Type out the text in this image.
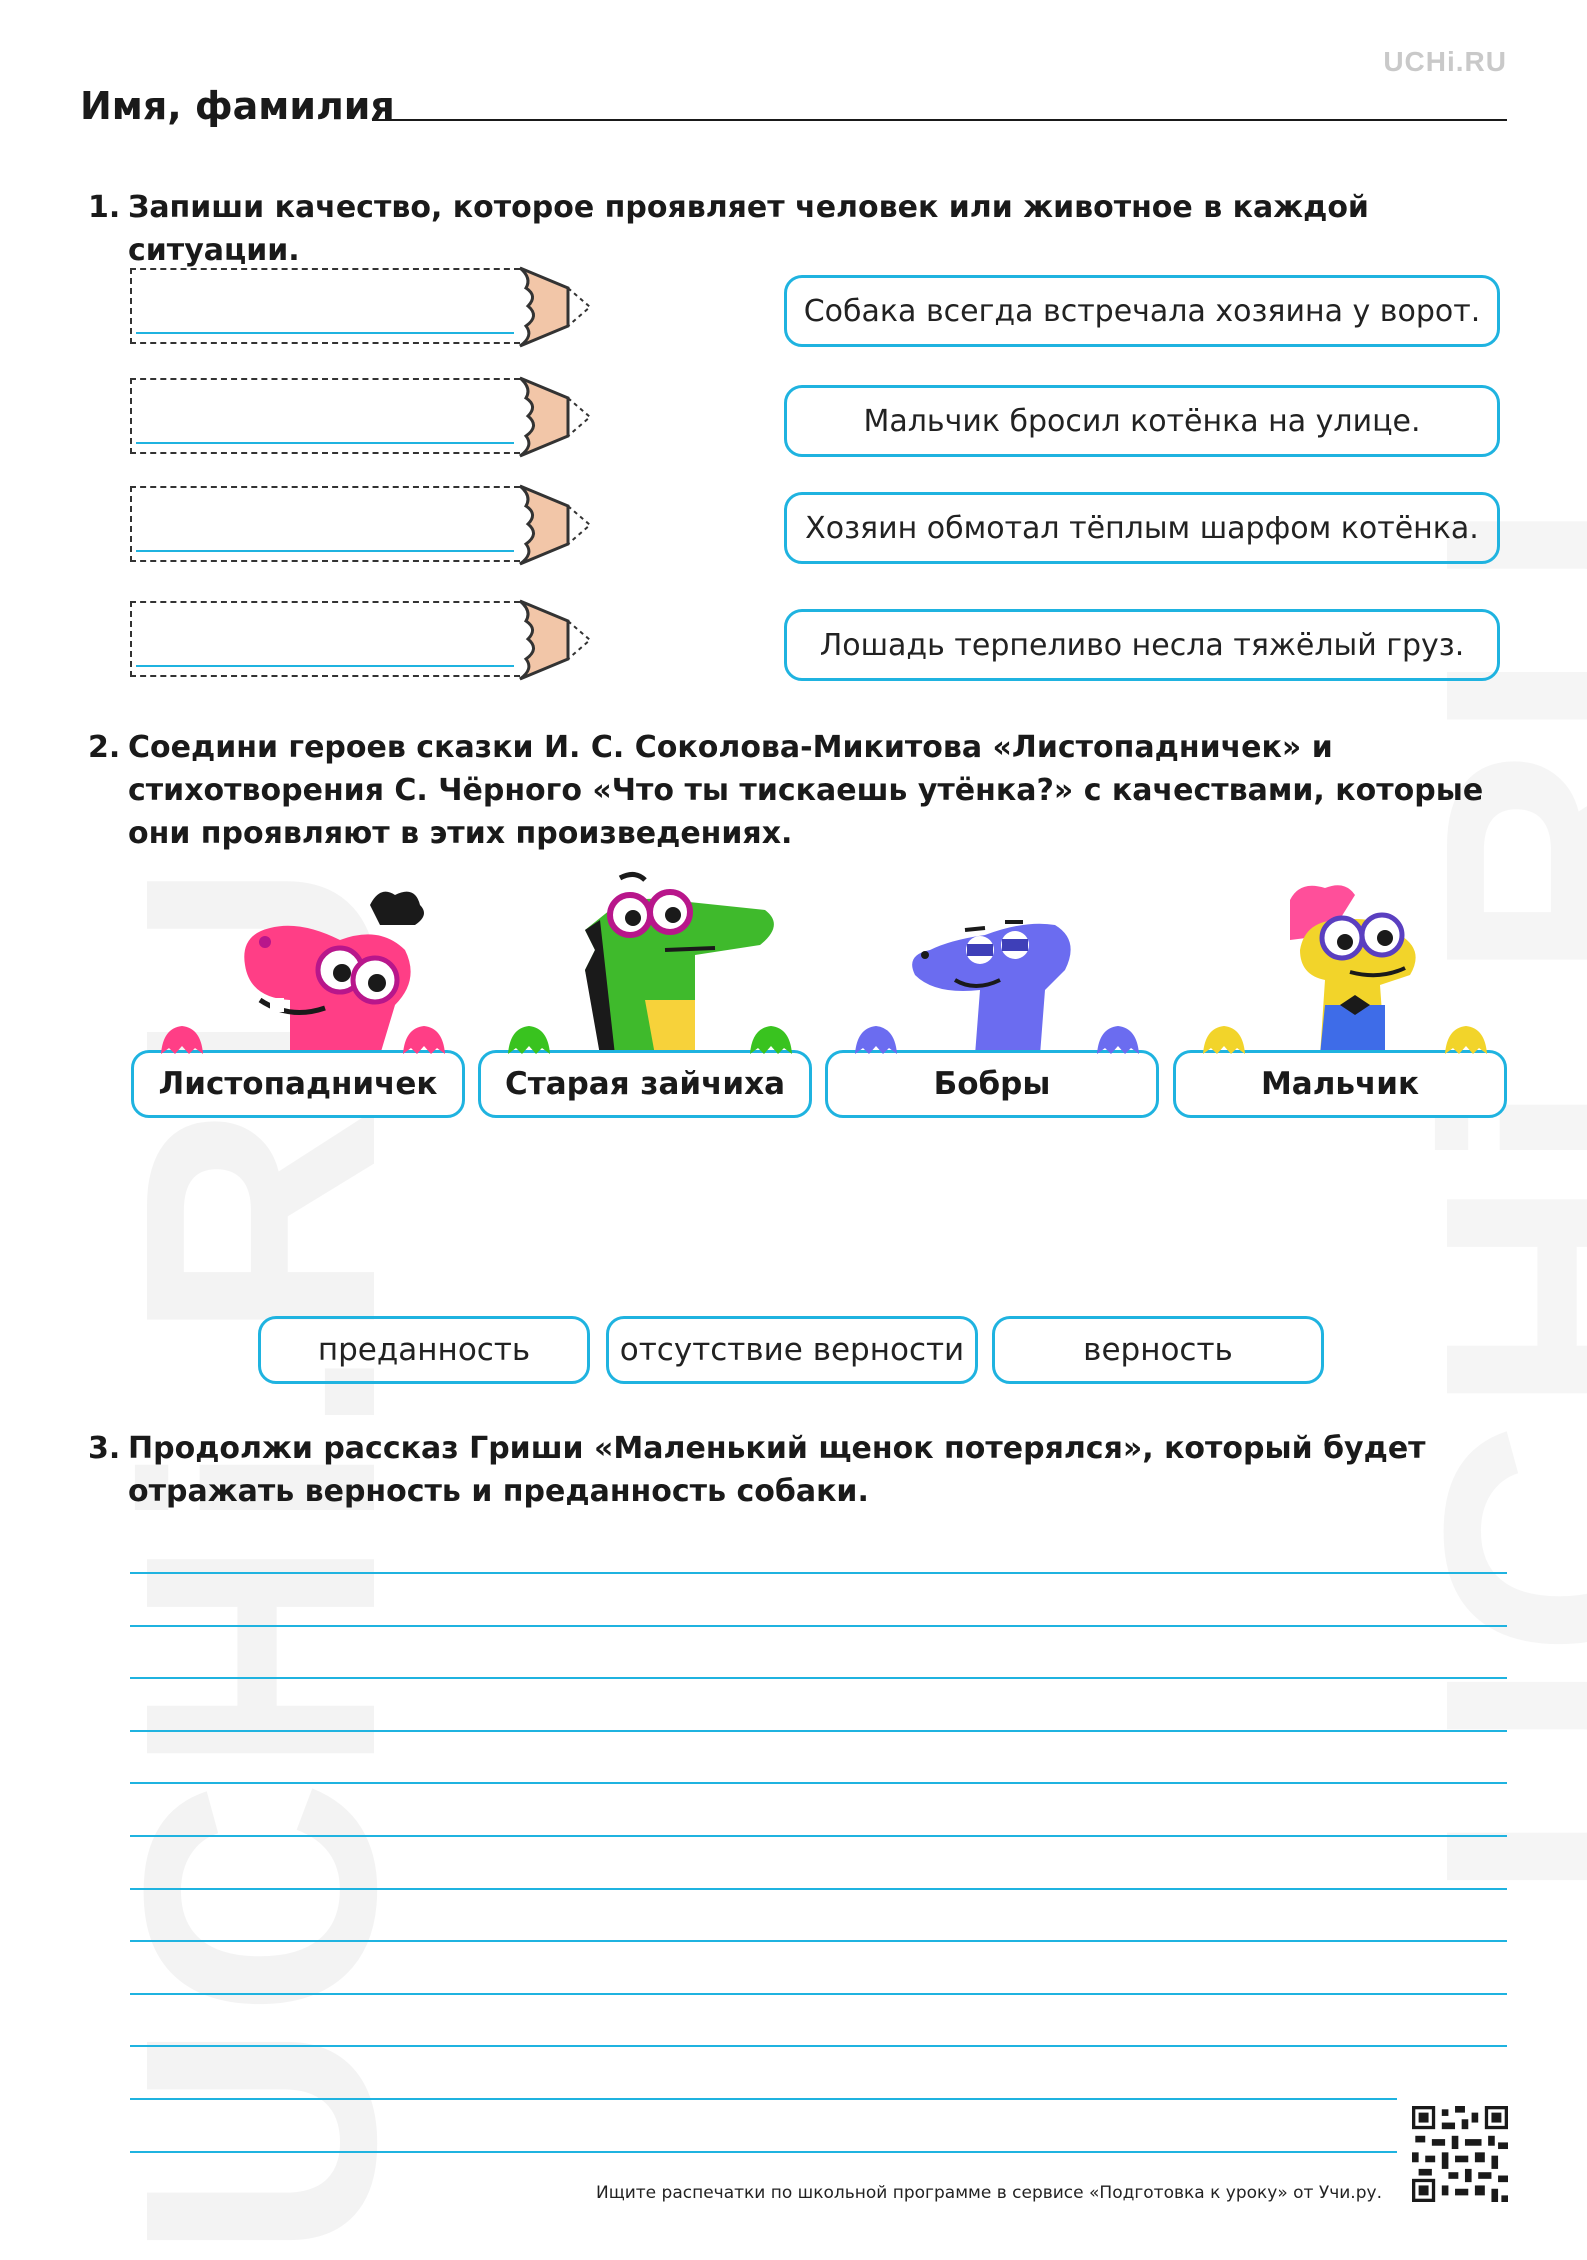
UCHi.RU
Имя, фамилия
1. Запиши качество, которое проявляет человек или животное в каждой ситуации.
Собака всегда встречала хозяина у ворот.
Мальчик бросил котёнка на улице.
Хозяин обмотал тёплым шарфом котёнка.
Лошадь терпеливо несла тяжёлый груз.
2. Соедини героев сказки И. С. Соколова-Микитова «Листопадничек» и
стихотворения С. Чёрного «Что ты тискаешь утёнка?» с качествами, которые
они проявляют в этих произведениях.
Листопадничек	Старая зайчиха	Бобры	Мальчик
преданность	отсутствие верности	верность
3. Продолжи рассказ Гриши «Маленький щенок потерялся», который будет
отражать верность и преданность собаки.
Ищите распечатки по школьной программе в сервисе «Подготовка к уроку» от Учи.ру.
